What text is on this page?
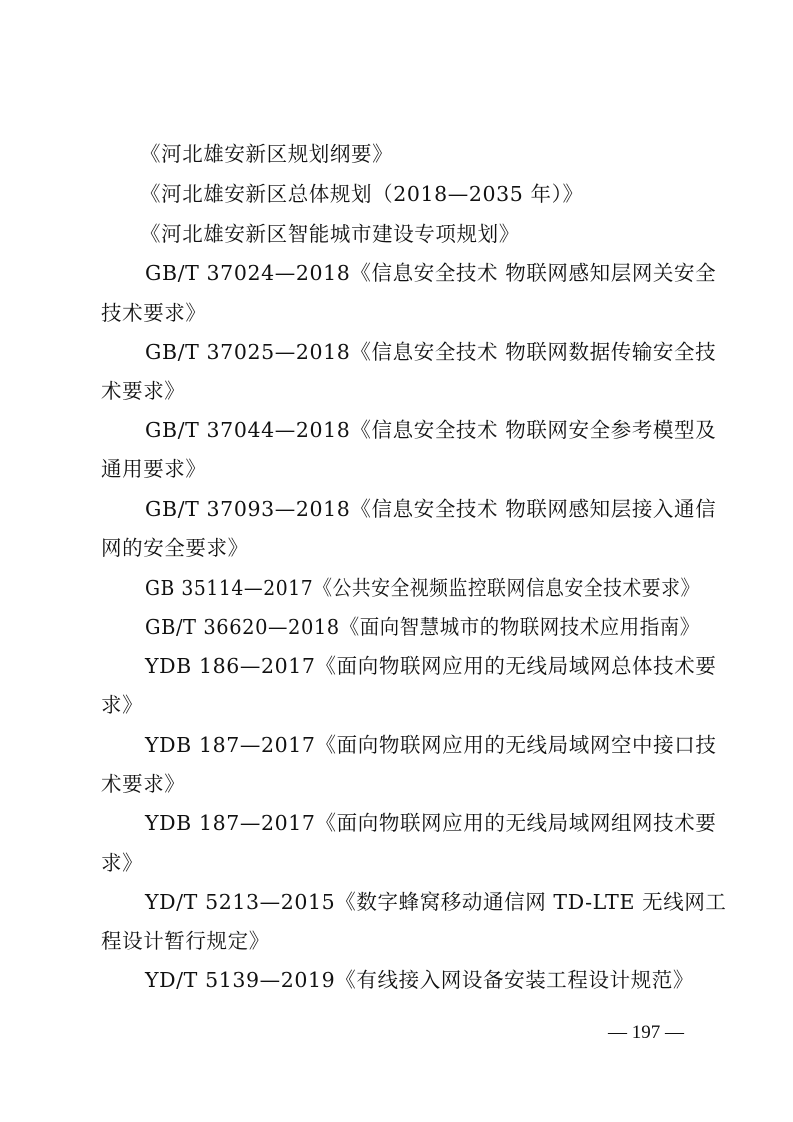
《河北雄安新区规划纲要》
《河北雄安新区总体规划（2018—2035 年）》
《河北雄安新区智能城市建设专项规划》
GB/T 37024—2018《信息安全技术 物联网感知层网关安全
技术要求》
GB/T 37025—2018《信息安全技术 物联网数据传输安全技
术要求》
GB/T 37044—2018《信息安全技术 物联网安全参考模型及
通用要求》
GB/T 37093—2018《信息安全技术 物联网感知层接入通信
网的安全要求》
GB 35114—2017《公共安全视频监控联网信息安全技术要求》
GB/T 36620—2018《面向智慧城市的物联网技术应用指南》
YDB 186—2017《面向物联网应用的无线局域网总体技术要
求》
YDB 187—2017《面向物联网应用的无线局域网空中接口技
术要求》
YDB 187—2017《面向物联网应用的无线局域网组网技术要
求》
YD/T 5213—2015《数字蜂窝移动通信网 TD-LTE 无线网工
程设计暂行规定》
YD/T 5139—2019《有线接入网设备安装工程设计规范》
— 197 —
